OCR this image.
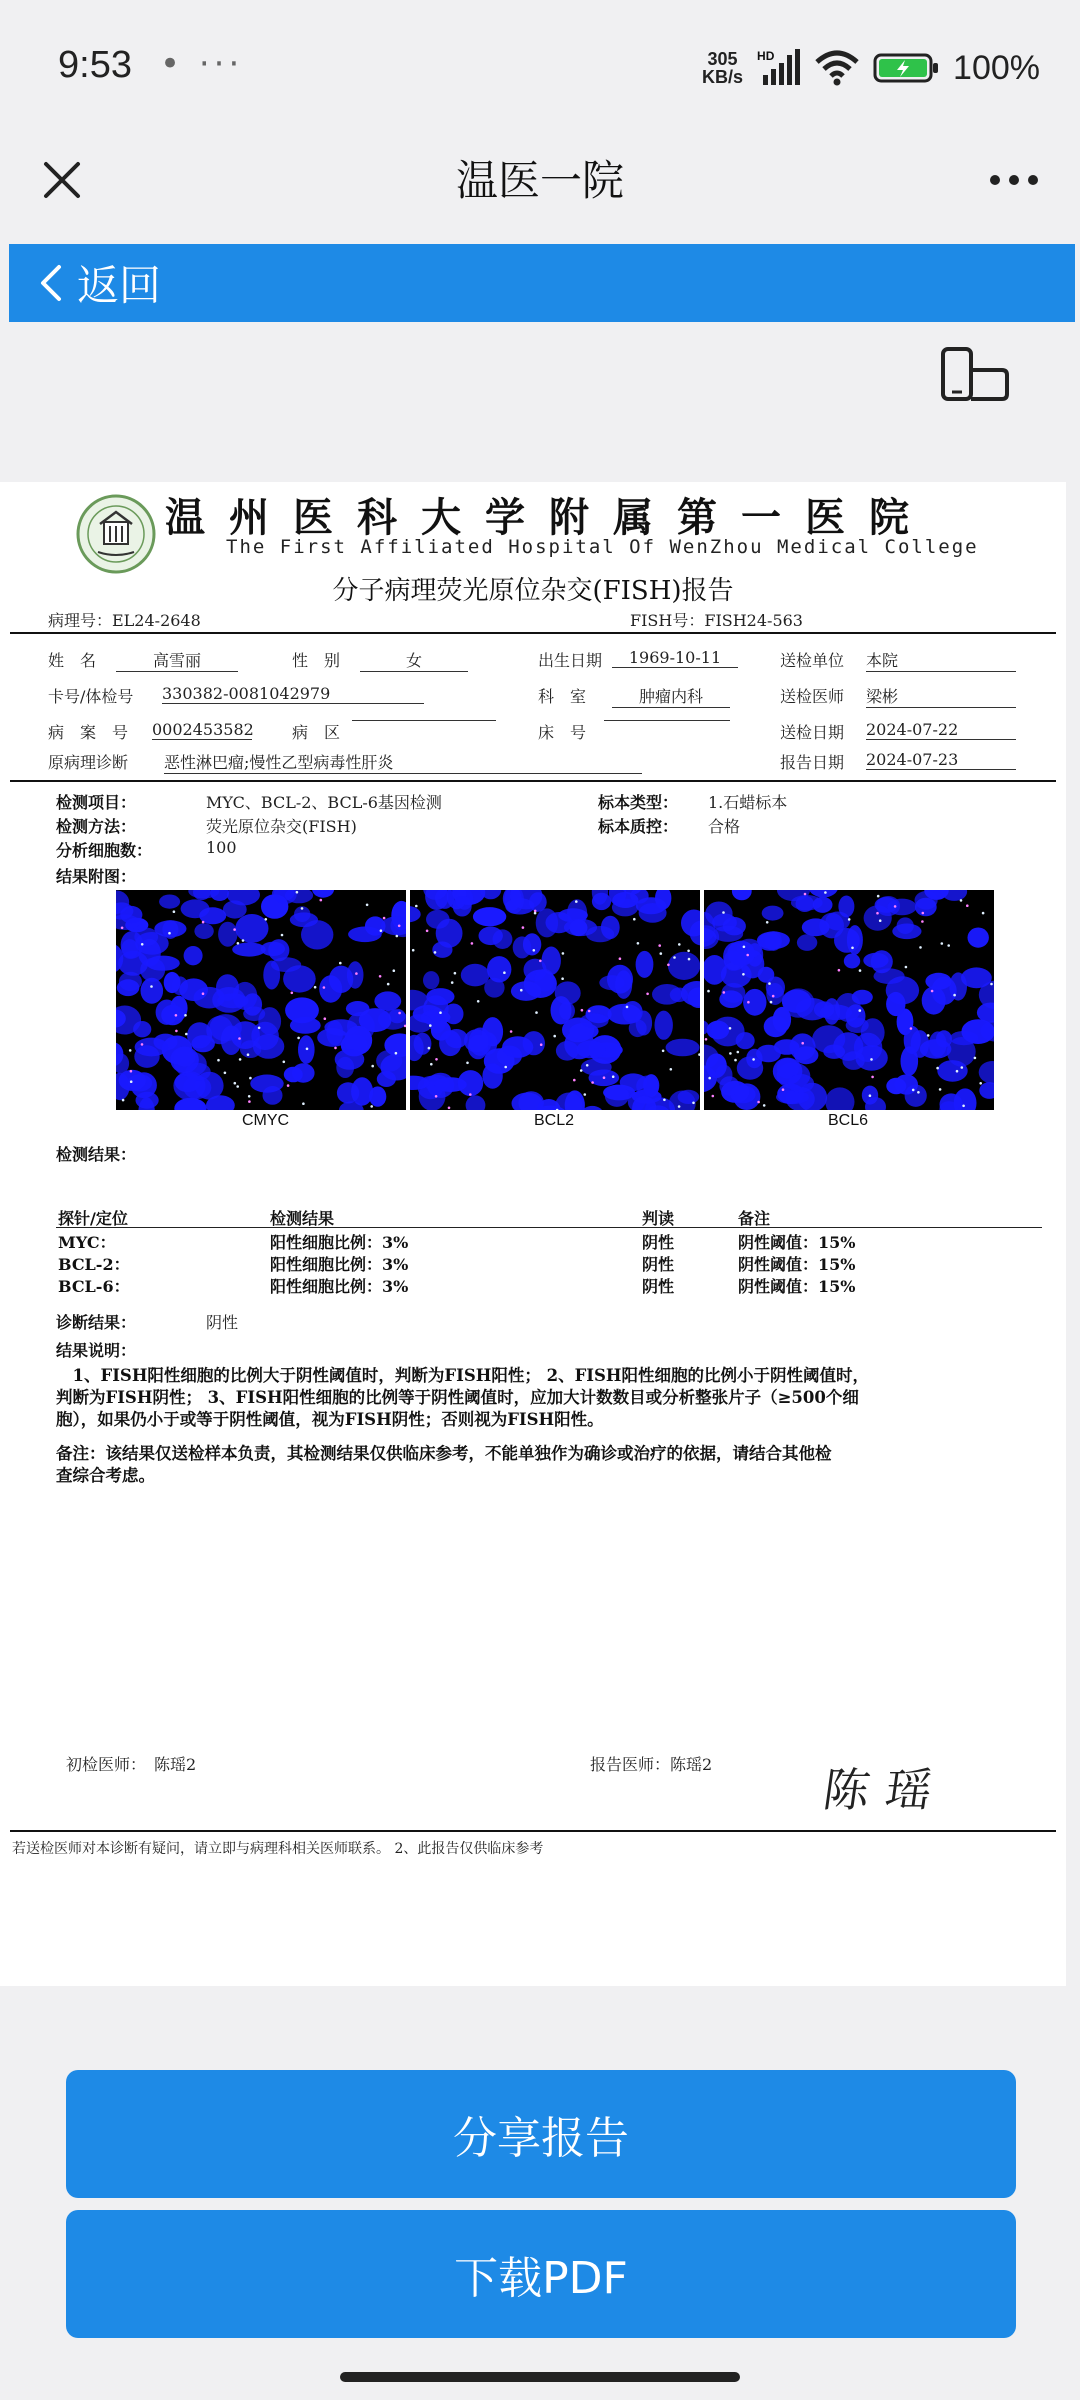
9:53 • ···	305
KB/s
HD	100%
温医一院
返回
温州医科大学附属第一医院
The First Affiliated Hospital Of WenZhou Medical College
分子病理荧光原位杂交(FISH)报告
病理号：EL24-2648	FISH号：FISH24-563
姓　名	高雪丽	性　别	女	出生日期	1969-10-11	送检单位 本院
卡号/体检号 330382-0081042979	科　室	肿瘤内科	送检医师 梁彬
病　案　号 0002453582 病　区	床　号	送检日期 2024-07-22
原病理诊断 恶性淋巴瘤;慢性乙型病毒性肝炎	报告日期 2024-07-23
检测项目：	MYC、BCL-2、BCL-6基因检测	标本类型： 1.石蜡标本
检测方法：	荧光原位杂交(FISH)	标本质控： 合格
分析细胞数：	100
结果附图：
CMYC	BCL2	BCL6
检测结果：
探针/定位	检测结果	判读	备注
MYC：	阳性细胞比例：3%	阴性	阴性阈值：15%
BCL-2：	阳性细胞比例：3%	阴性	阴性阈值：15%
BCL-6：	阳性细胞比例：3%	阴性	阴性阈值：15%
诊断结果：	阴性
结果说明：
　1、FISH阳性细胞的比例大于阴性阈值时，判断为FISH阳性； 2、FISH阳性细胞的比例小于阴性阈值时，
判断为FISH阴性； 3、FISH阳性细胞的比例等于阴性阈值时，应加大计数数目或分析整张片子（≥500个细
胞），如果仍小于或等于阴性阈值，视为FISH阴性；否则视为FISH阳性。
备注：该结果仅送检样本负责，其检测结果仅供临床参考，不能单独作为确诊或治疗的依据，请结合其他检
查综合考虑。
初检医师：　陈瑶2	报告医师：陈瑶2 陈瑶
若送检医师对本诊断有疑问，请立即与病理科相关医师联系。 2、此报告仅供临床参考
分享报告
下载PDF
